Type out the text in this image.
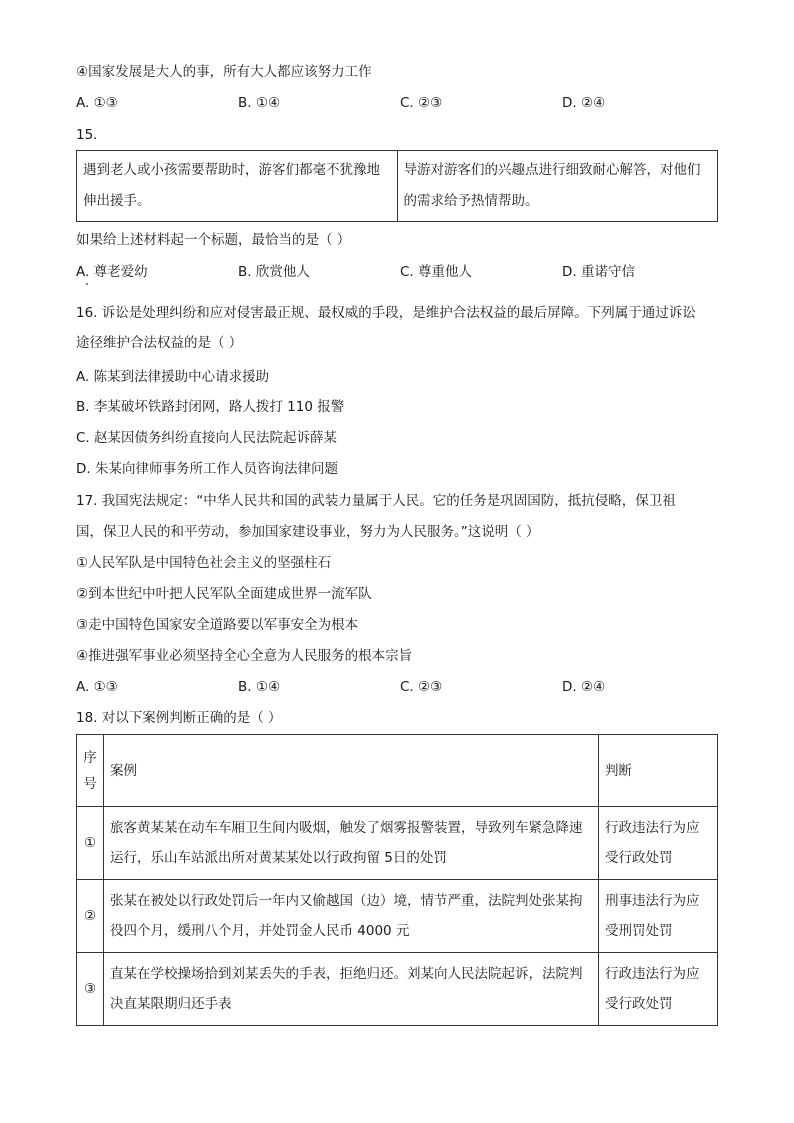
④国家发展是大人的事，所有大人都应该努力工作
A. ①③	B. ①④	C. ②③	D. ②④
15.
遇到老人或小孩需要帮助时，游客们都毫不犹豫地伸出援手。	导游对游客们的兴趣点进行细致耐心解答，对他们的需求给予热情帮助。
如果给上述材料起一个标题，最恰当的是（ ）
A. 尊老爱幼	B. 欣赏他人	C. 尊重他人	D. 重诺守信
16. 诉讼是处理纠纷和应对侵害最正规、最权威的手段，是维护合法权益的最后屏障。下列属于通过诉讼
途径维护合法权益的是（ ）
A. 陈某到法律援助中心请求援助
B. 李某破坏铁路封闭网，路人拨打 110 报警
C. 赵某因债务纠纷直接向人民法院起诉薛某
D. 朱某向律师事务所工作人员咨询法律问题
17. 我国宪法规定：“中华人民共和国的武装力量属于人民。它的任务是巩固国防，抵抗侵略，保卫祖
国，保卫人民的和平劳动，参加国家建设事业，努力为人民服务。”这说明（ ）
①人民军队是中国特色社会主义的坚强柱石
②到本世纪中叶把人民军队全面建成世界一流军队
③走中国特色国家安全道路要以军事安全为根本
④推进强军事业必须坚持全心全意为人民服务的根本宗旨
A. ①③	B. ①④	C. ②③	D. ②④
18. 对以下案例判断正确的是（ ）
序号	案例	判断
①	旅客黄某某在动车车厢卫生间内吸烟，触发了烟雾报警装置，导致列车紧急降速运行，乐山车站派出所对黄某某处以行政拘留 5日的处罚	行政违法行为应受行政处罚
②	张某在被处以行政处罚后一年内又偷越国（边）境，情节严重，法院判处张某拘役四个月，缓刑八个月，并处罚金人民币 4000 元	刑事违法行为应受刑罚处罚
③	直某在学校操场拾到刘某丢失的手表，拒绝归还。刘某向人民法院起诉，法院判决直某限期归还手表	行政违法行为应受行政处罚
